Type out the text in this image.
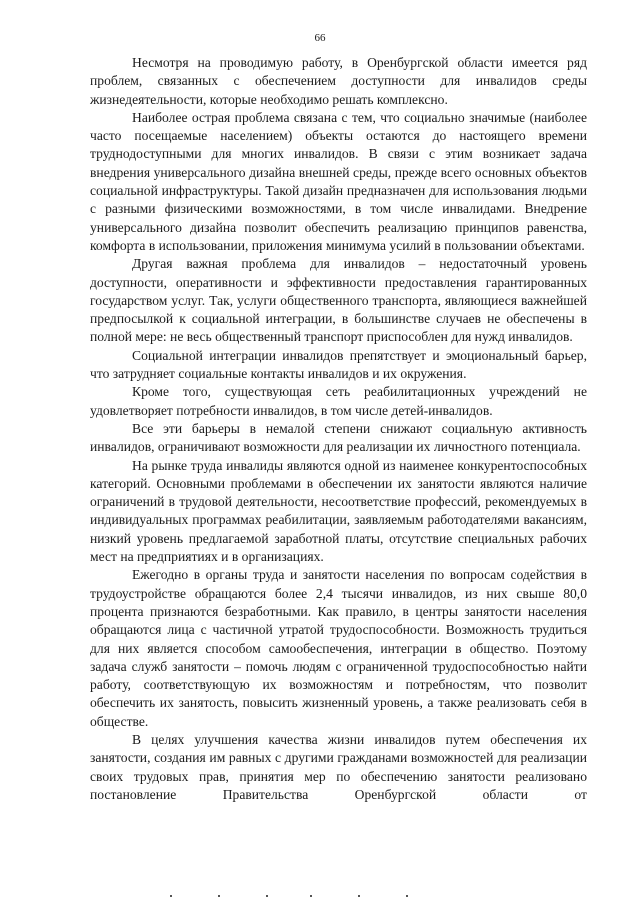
66

Несмотря на проводимую работу, в Оренбургской области имеется ряд проблем, связанных с обеспечением доступности для инвалидов среды жизнедеятельности, которые необходимо решать комплексно.

Наиболее острая проблема связана с тем, что социально значимые (наиболее часто посещаемые населением) объекты остаются до настоящего времени труднодоступными для многих инвалидов. В связи с этим возникает задача внедрения универсального дизайна внешней среды, прежде всего основных объектов социальной инфраструктуры. Такой дизайн предназначен для использования людьми с разными физическими возможностями, в том числе инвалидами. Внедрение универсального дизайна позволит обеспечить реализацию принципов равенства, комфорта в использовании, приложения минимума усилий в пользовании объектами.

Другая важная проблема для инвалидов – недостаточный уровень доступности, оперативности и эффективности предоставления гарантированных государством услуг. Так, услуги общественного транспорта, являющиеся важнейшей предпосылкой к социальной интеграции, в большинстве случаев не обеспечены в полной мере: не весь общественный транспорт приспособлен для нужд инвалидов.

Социальной интеграции инвалидов препятствует и эмоциональный барьер, что затрудняет социальные контакты инвалидов и их окружения.

Кроме того, существующая сеть реабилитационных учреждений не удовлетворяет потребности инвалидов, в том числе детей-инвалидов.

Все эти барьеры в немалой степени снижают социальную активность инвалидов, ограничивают возможности для реализации их личностного потенциала.

На рынке труда инвалиды являются одной из наименее конкурентоспособных категорий. Основными проблемами в обеспечении их занятости являются наличие ограничений в трудовой деятельности, несоответствие профессий, рекомендуемых в индивидуальных программах реабилитации, заявляемым работодателями вакансиям, низкий уровень предлагаемой заработной платы, отсутствие специальных рабочих мест на предприятиях и в организациях.

Ежегодно в органы труда и занятости населения по вопросам содействия в трудоустройстве обращаются более 2,4 тысячи инвалидов, из них свыше 80,0 процента признаются безработными. Как правило, в центры занятости населения обращаются лица с частичной утратой трудоспособности. Возможность трудиться для них является способом самообеспечения, интеграции в общество. Поэтому задача служб занятости – помочь людям с ограниченной трудоспособностью найти работу, соответствующую их возможностям и потребностям, что позволит обеспечить их занятость, повысить жизненный уровень, а также реализовать себя в обществе.

В целях улучшения качества жизни инвалидов путем обеспечения их занятости, создания им равных с другими гражданами возможностей для реализации своих трудовых прав, принятия мер по обеспечению занятости реализовано постановление Правительства Оренбургской области от
